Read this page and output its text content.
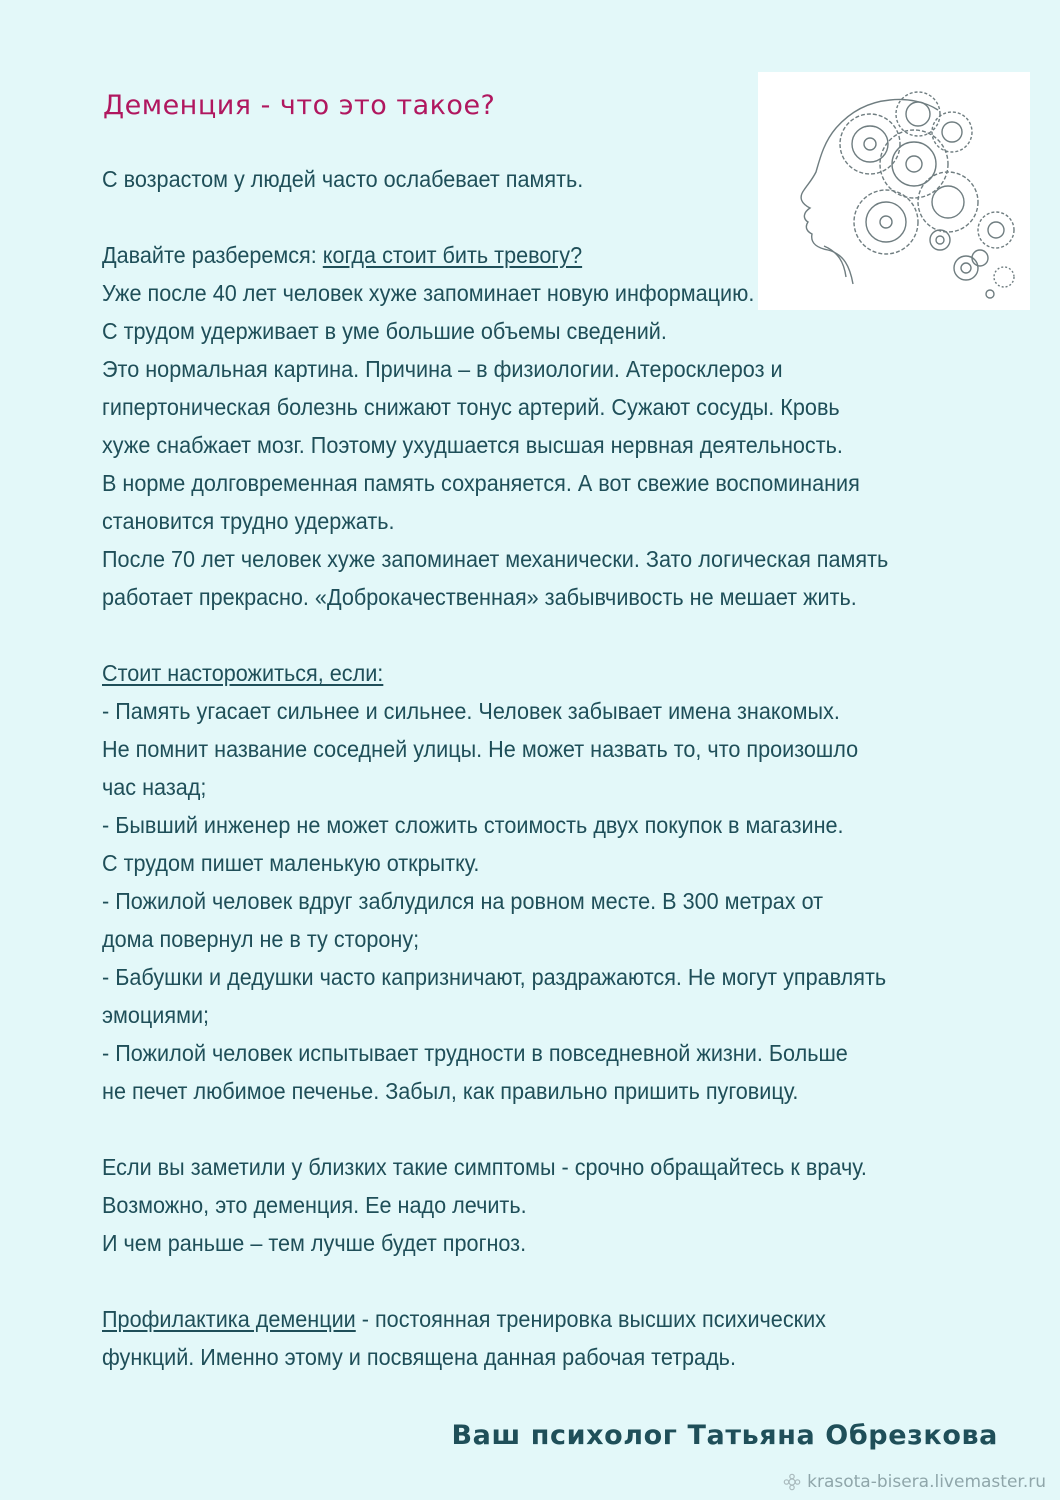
Деменция - что это такое?
С возрастом у людей часто ослабевает память.
Давайте разберемся: когда стоит бить тревогу?
Уже после 40 лет человек хуже запоминает новую информацию.
С трудом удерживает в уме большие объемы сведений.
Это нормальная картина. Причина – в физиологии. Атеросклероз и
гипертоническая болезнь снижают тонус артерий. Сужают сосуды. Кровь
хуже снабжает мозг. Поэтому ухудшается высшая нервная деятельность.
В норме долговременная память сохраняется. А вот свежие воспоминания
становится трудно удержать.
После 70 лет человек хуже запоминает механически. Зато логическая память
работает прекрасно. «Доброкачественная» забывчивость не мешает жить.
Стоит насторожиться, если:
- Память угасает сильнее и сильнее. Человек забывает имена знакомых.
Не помнит название соседней улицы. Не может назвать то, что произошло
час назад;
- Бывший инженер не может сложить стоимость двух покупок в магазине.
С трудом пишет маленькую открытку.
- Пожилой человек вдруг заблудился на ровном месте. В 300 метрах от
дома повернул не в ту сторону;
- Бабушки и дедушки часто капризничают, раздражаются. Не могут управлять
эмоциями;
- Пожилой человек испытывает трудности в повседневной жизни. Больше
не печет любимое печенье. Забыл, как правильно пришить пуговицу.
Если вы заметили у близких такие симптомы - срочно обращайтесь к врачу.
Возможно, это деменция. Ее надо лечить.
И чем раньше – тем лучше будет прогноз.
Профилактика деменции - постоянная тренировка высших психических
функций. Именно этому и посвящена данная рабочая тетрадь.
Ваш психолог Татьяна Обрезкова
krasota-bisera.livemaster.ru
